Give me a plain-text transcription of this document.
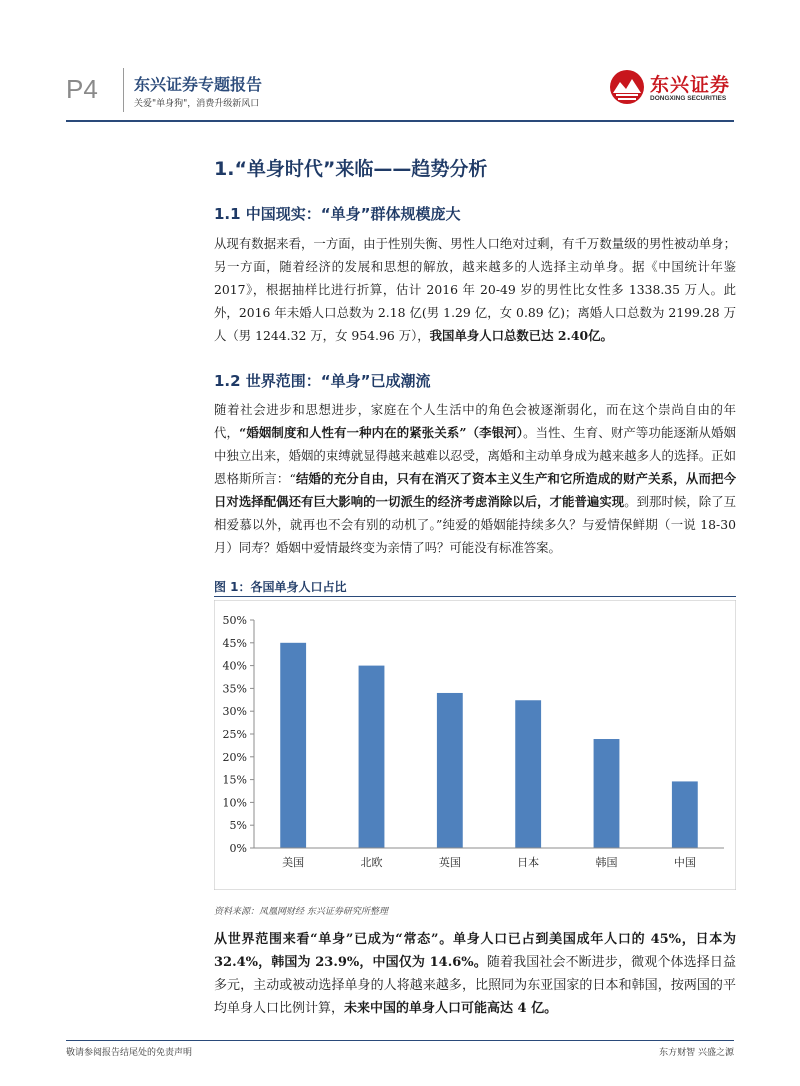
P4 东兴证券专题报告
关爱"单身狗"，消费升级新风口
东兴证券
DONGXING SECURITIES
1.“单身时代”来临——趋势分析
1.1 中国现实：“单身”群体规模庞大
从现有数据来看，一方面，由于性别失衡、男性人口绝对过剩，有千万数量级的男性被动单身；另一方面，随着经济的发展和思想的解放，越来越多的人选择主动单身。据《中国统计年鉴 2017》，根据抽样比进行折算，估计 2016 年 20-49 岁的男性比女性多 1338.35 万人。此外，2016 年未婚人口总数为 2.18 亿(男 1.29 亿，女 0.89 亿)；离婚人口总数为 2199.28 万人（男 1244.32 万，女 954.96 万），我国单身人口总数已达 2.40亿。
1.2 世界范围：“单身”已成潮流
随着社会进步和思想进步，家庭在个人生活中的角色会被逐渐弱化，而在这个崇尚自由的年代，“婚姻制度和人性有一种内在的紧张关系”（李银河）。当性、生育、财产等功能逐渐从婚姻中独立出来，婚姻的束缚就显得越来越难以忍受，离婚和主动单身成为越来越多人的选择。正如恩格斯所言：“结婚的充分自由，只有在消灭了资本主义生产和它所造成的财产关系，从而把今日对选择配偶还有巨大影响的一切派生的经济考虑消除以后，才能普遍实现。到那时候，除了互相爱慕以外，就再也不会有别的动机了。”纯爱的婚姻能持续多久？与爱情保鲜期（一说 18-30 月）同寿？婚姻中爱情最终变为亲情了吗？可能没有标准答案。
图 1：各国单身人口占比
0%
5%
10%
15%
20%
25%
30%
35%
40%
45%
50%
美国	北欧	英国	日本	韩国	中国
资料来源：凤凰网财经 东兴证券研究所整理
从世界范围来看“单身”已成为“常态”。单身人口已占到美国成年人口的 45%，日本为 32.4%，韩国为 23.9%，中国仅为 14.6%。随着我国社会不断进步，微观个体选择日益多元，主动或被动选择单身的人将越来越多，比照同为东亚国家的日本和韩国，按两国的平均单身人口比例计算，未来中国的单身人口可能高达 4 亿。
敬请参阅报告结尾处的免责声明	东方财智 兴盛之源
